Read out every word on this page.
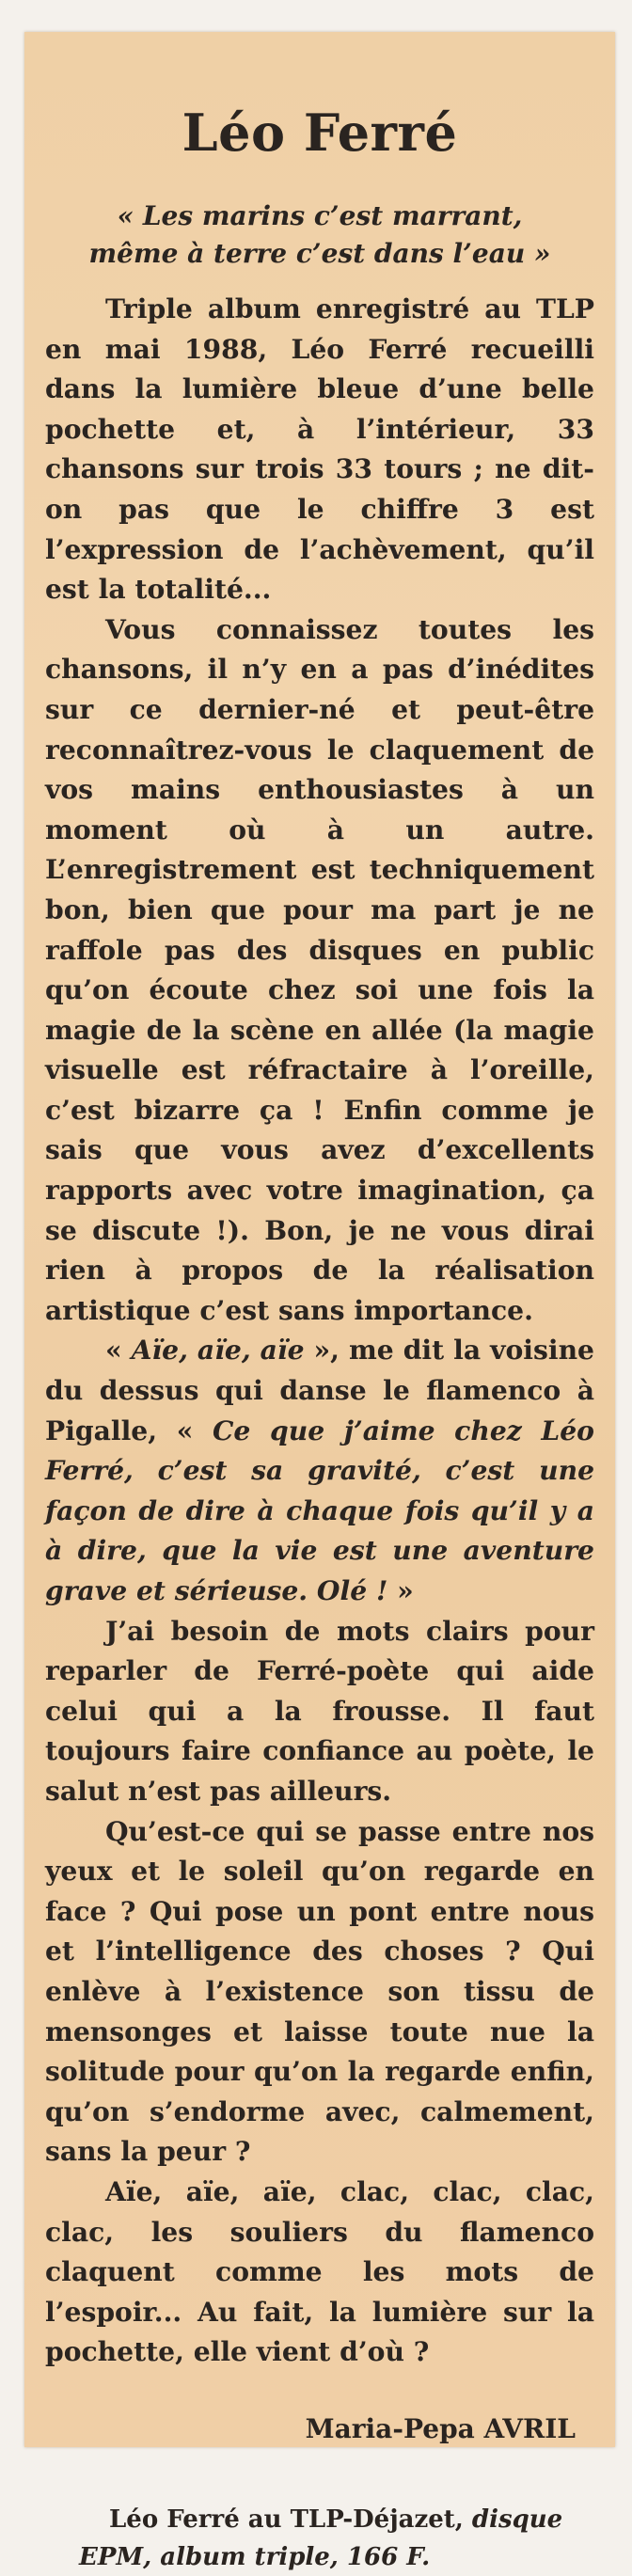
Léo Ferré
« Les marins c’est marrant,
même à terre c’est dans l’eau »

Triple album enregistré au TLP en mai 1988, Léo Ferré recueilli dans la lumière bleue d’une belle pochette et, à l’intérieur, 33 chansons sur trois 33 tours ; ne dit-on pas que le chiffre 3 est l’expression de l’achèvement, qu’il est la totalité...

Vous connaissez toutes les chansons, il n’y en a pas d’inédites sur ce dernier-né et peut-être reconnaîtrez-vous le claquement de vos mains enthousiastes à un moment où à un autre. L’enregistrement est techniquement bon, bien que pour ma part je ne raffole pas des disques en public qu’on écoute chez soi une fois la magie de la scène en allée (la magie visuelle est réfractaire à l’oreille, c’est bizarre ça ! Enfin comme je sais que vous avez d’excellents rapports avec votre imagination, ça se discute !). Bon, je ne vous dirai rien à propos de la réalisation artistique c’est sans importance.

« Aïe, aïe, aïe », me dit la voisine du dessus qui danse le flamenco à Pigalle, « Ce que j’aime chez Léo Ferré, c’est sa gravité, c’est une façon de dire à chaque fois qu’il y a à dire, que la vie est une aventure grave et sérieuse. Olé ! »

J’ai besoin de mots clairs pour reparler de Ferré-poète qui aide celui qui a la frousse. Il faut toujours faire confiance au poète, le salut n’est pas ailleurs.

Qu’est-ce qui se passe entre nos yeux et le soleil qu’on regarde en face ? Qui pose un pont entre nous et l’intelligence des choses ? Qui enlève à l’existence son tissu de mensonges et laisse toute nue la solitude pour qu’on la regarde enfin, qu’on s’endorme avec, calmement, sans la peur ?

Aïe, aïe, aïe, clac, clac, clac, clac, les souliers du flamenco claquent comme les mots de l’espoir... Au fait, la lumière sur la pochette, elle vient d’où ?

Maria-Pepa AVRIL
Léo Ferré au TLP-Déjazet, disque EPM, album triple, 166 F.
